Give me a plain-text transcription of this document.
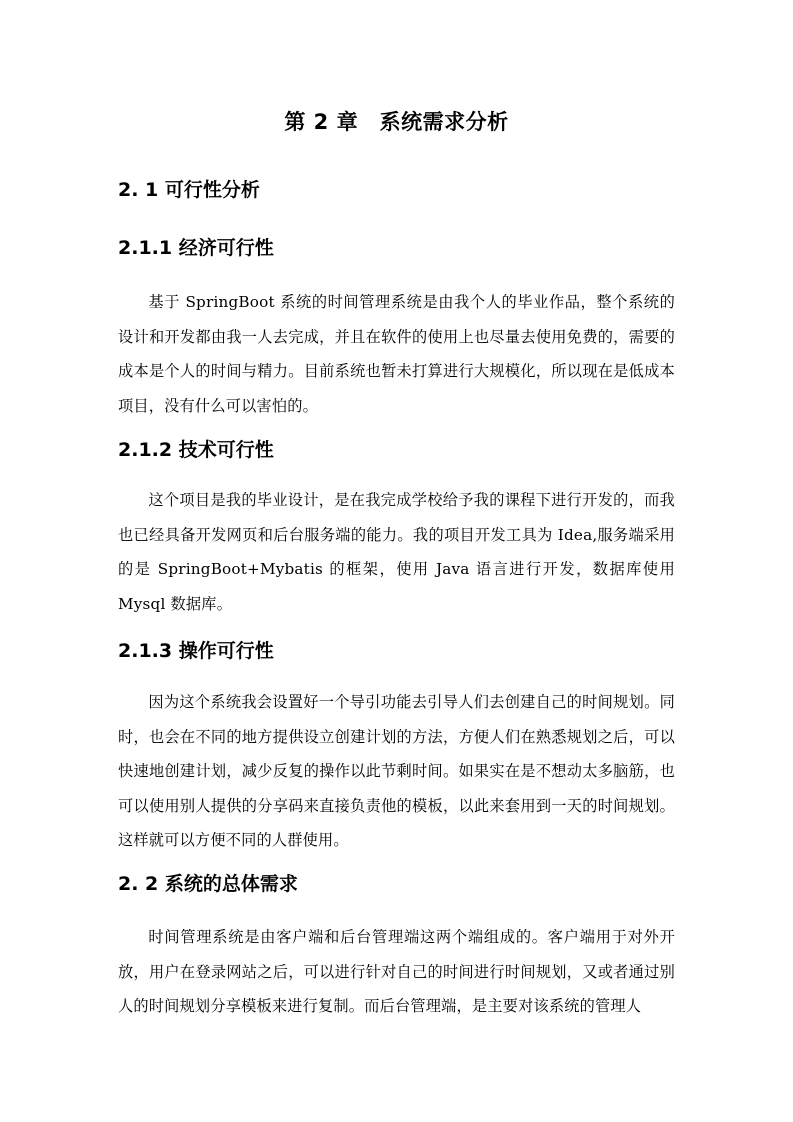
第 2 章　系统需求分析
2. 1 可行性分析
2.1.1 经济可行性

基于 SpringBoot 系统的时间管理系统是由我个人的毕业作品，整个系统的设计和开发都由我一人去完成，并且在软件的使用上也尽量去使用免费的，需要的成本是个人的时间与精力。目前系统也暂未打算进行大规模化，所以现在是低成本项目，没有什么可以害怕的。

2.1.2 技术可行性

这个项目是我的毕业设计，是在我完成学校给予我的课程下进行开发的，而我也已经具备开发网页和后台服务端的能力。我的项目开发工具为 Idea,服务端采用的是 SpringBoot+Mybatis 的框架，使用 Java 语言进行开发，数据库使用 Mysql 数据库。

2.1.3 操作可行性

因为这个系统我会设置好一个导引功能去引导人们去创建自己的时间规划。同时，也会在不同的地方提供设立创建计划的方法，方便人们在熟悉规划之后，可以快速地创建计划，减少反复的操作以此节剩时间。如果实在是不想动太多脑筋，也可以使用别人提供的分享码来直接负责他的模板，以此来套用到一天的时间规划。这样就可以方便不同的人群使用。

2. 2 系统的总体需求

时间管理系统是由客户端和后台管理端这两个端组成的。客户端用于对外开放，用户在登录网站之后，可以进行针对自己的时间进行时间规划，又或者通过别人的时间规划分享模板来进行复制。而后台管理端，是主要对该系统的管理人
